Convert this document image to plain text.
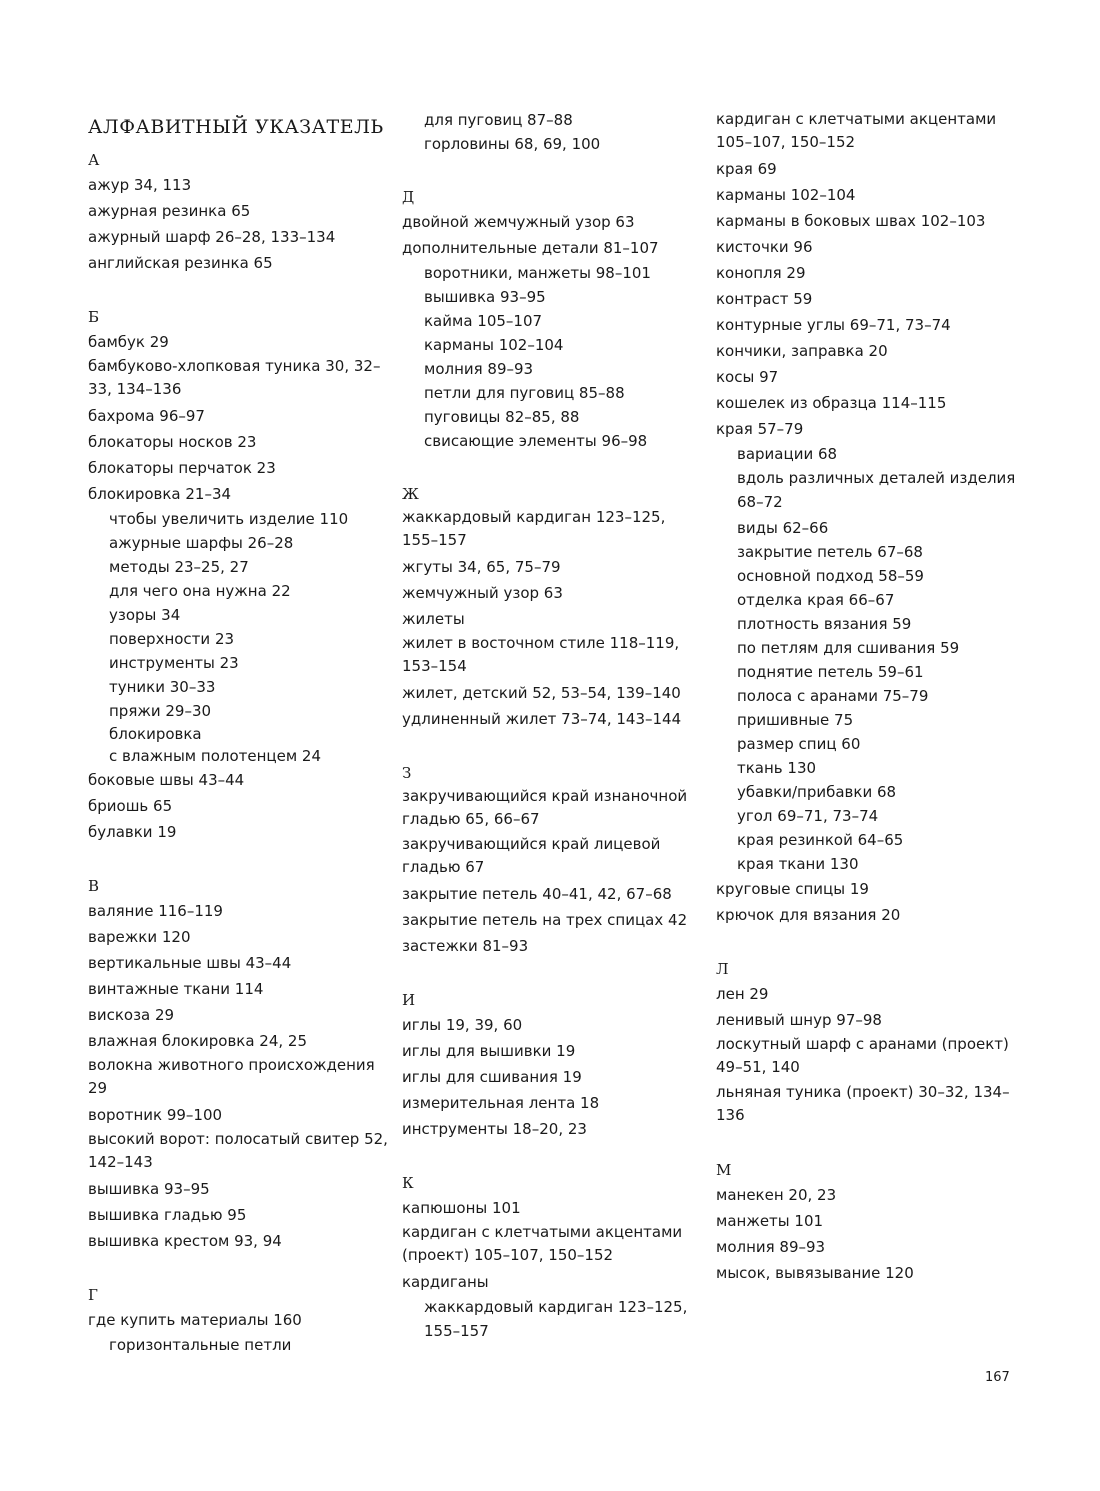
АЛФАВИТНЫЙ УКАЗАТЕЛЬ
А
ажур 34, 113
ажурная резинка 65
ажурный шарф 26–28, 133–134
английская резинка 65
Б
бамбук 29
бамбуково-хлопковая туника 30, 32–33, 134–136
бахрома 96–97
блокаторы носков 23
блокаторы перчаток 23
блокировка 21–34
чтобы увеличить изделие 110
ажурные шарфы 26–28
методы 23–25, 27
для чего она нужна 22
узоры 34
поверхности 23
инструменты 23
туники 30–33
пряжи 29–30
блокировка
с влажным полотенцем 24
боковые швы 43–44
бриошь 65
булавки 19
В
валяние 116–119
варежки 120
вертикальные швы 43–44
винтажные ткани 114
вискоза 29
влажная блокировка 24, 25
волокна животного происхождения 29
воротник 99–100
высокий ворот: полосатый свитер 52, 142–143
вышивка 93–95
вышивка гладью 95
вышивка крестом 93, 94
Г
где купить материалы 160
горизонтальные петли
для пуговиц 87–88
горловины 68, 69, 100
Д
двойной жемчужный узор 63
дополнительные детали 81–107
воротники, манжеты 98–101
вышивка 93–95
кайма 105–107
карманы 102–104
молния 89–93
петли для пуговиц 85–88
пуговицы 82–85, 88
свисающие элементы 96–98
Ж
жаккардовый кардиган 123–125, 155–157
жгуты 34, 65, 75–79
жемчужный узор 63
жилеты
жилет в восточном стиле 118–119, 153–154
жилет, детский 52, 53–54, 139–140
удлиненный жилет 73–74, 143–144
З
закручивающийся край изнаночной гладью 65, 66–67
закручивающийся край лицевой гладью 67
закрытие петель 40–41, 42, 67–68
закрытие петель на трех спицах 42
застежки 81–93
И
иглы 19, 39, 60
иглы для вышивки 19
иглы для сшивания 19
измерительная лента 18
инструменты 18–20, 23
К
капюшоны 101
кардиган с клетчатыми акцентами (проект) 105–107, 150–152
кардиганы
жаккардовый кардиган 123–125, 155–157
кардиган с клетчатыми акцентами 105–107, 150–152
края 69
карманы 102–104
карманы в боковых швах 102–103
кисточки 96
конопля 29
контраст 59
контурные углы 69–71, 73–74
кончики, заправка 20
косы 97
кошелек из образца 114–115
края 57–79
вариации 68
вдоль различных деталей изделия 68–72
виды 62–66
закрытие петель 67–68
основной подход 58–59
отделка края 66–67
плотность вязания 59
по петлям для сшивания 59
поднятие петель 59–61
полоса с аранами 75–79
пришивные 75
размер спиц 60
ткань 130
убавки/прибавки 68
угол 69–71, 73–74
края резинкой 64–65
края ткани 130
круговые спицы 19
крючок для вязания 20
Л
лен 29
ленивый шнур 97–98
лоскутный шарф с аранами (проект) 49–51, 140
льняная туника (проект) 30–32, 134–136
М
манекен 20, 23
манжеты 101
молния 89–93
мысок, вывязывание 120
167
